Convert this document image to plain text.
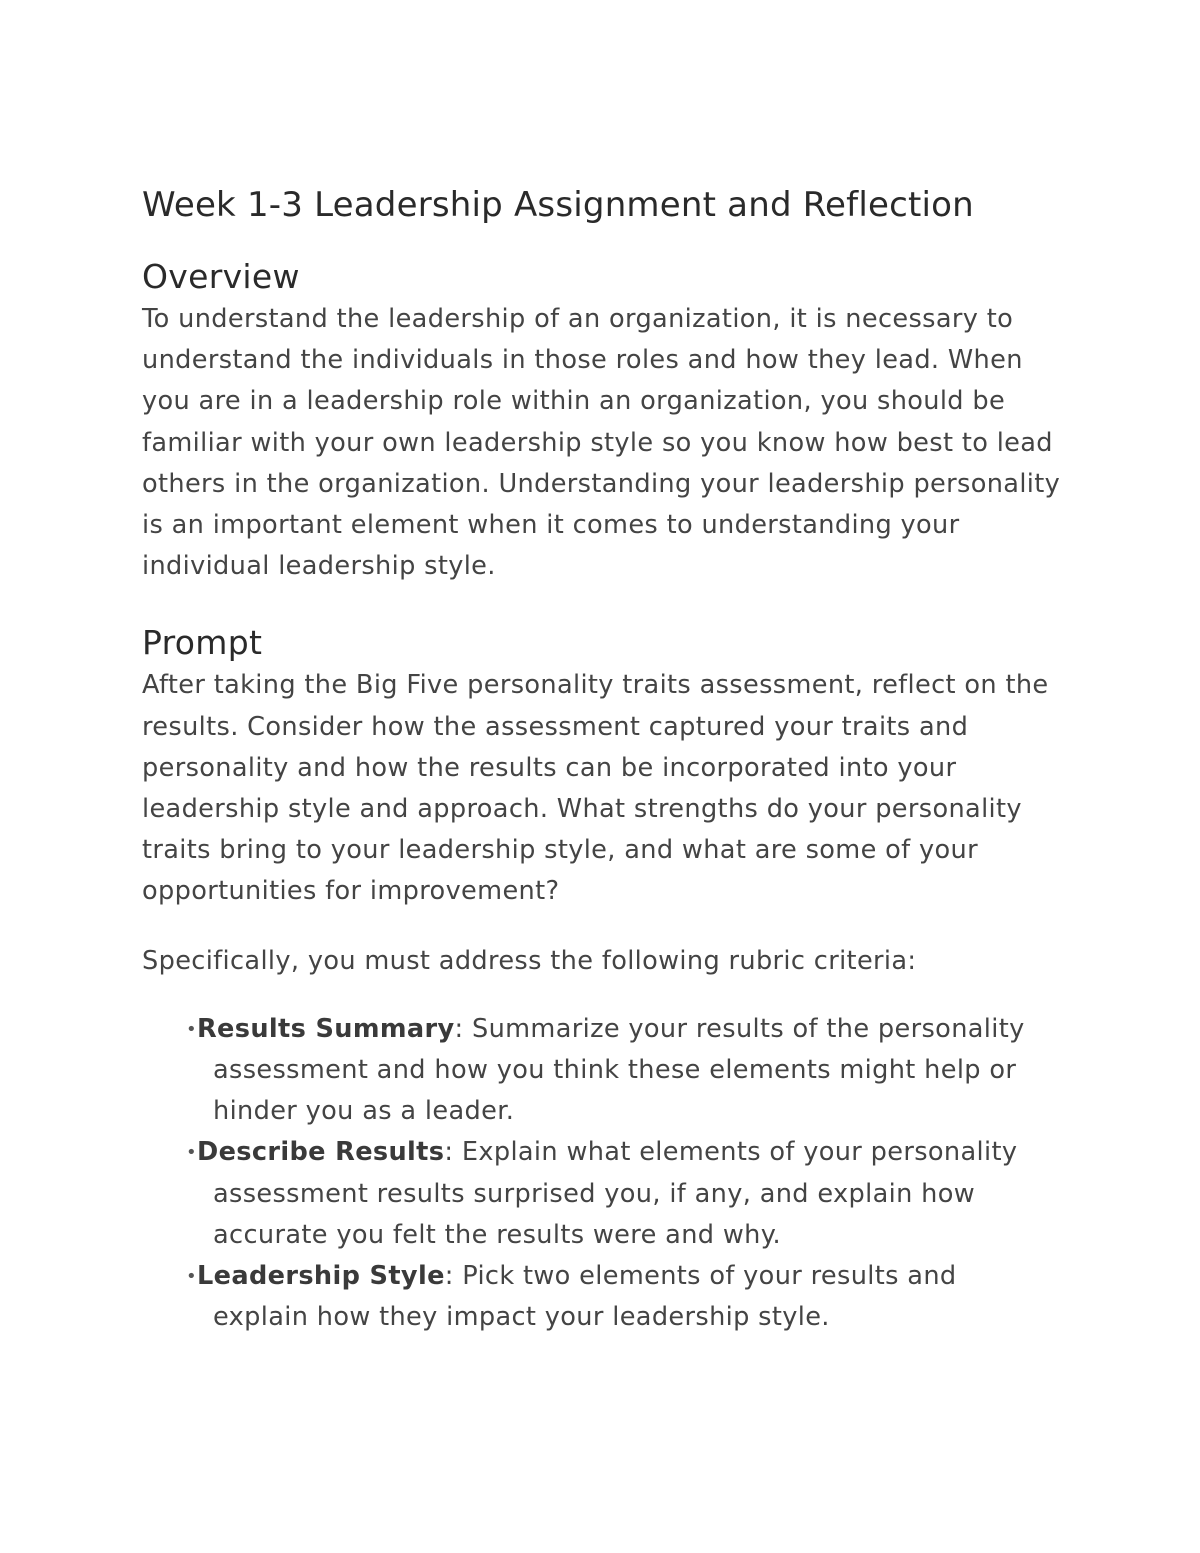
Week 1-3 Leadership Assignment and Reflection
Overview

To understand the leadership of an organization, it is necessary to understand the individuals in those roles and how they lead. When you are in a leadership role within an organization, you should be familiar with your own leadership style so you know how best to lead others in the organization. Understanding your leadership personality is an important element when it comes to understanding your individual leadership style.

Prompt

After taking the Big Five personality traits assessment, reflect on the results. Consider how the assessment captured your traits and personality and how the results can be incorporated into your leadership style and approach. What strengths do your personality traits bring to your leadership style, and what are some of your opportunities for improvement?

Specifically, you must address the following rubric criteria:

• Results Summary: Summarize your results of the personality assessment and how you think these elements might help or hinder you as a leader.
• Describe Results: Explain what elements of your personality assessment results surprised you, if any, and explain how accurate you felt the results were and why.
• Leadership Style: Pick two elements of your results and explain how they impact your leadership style.
